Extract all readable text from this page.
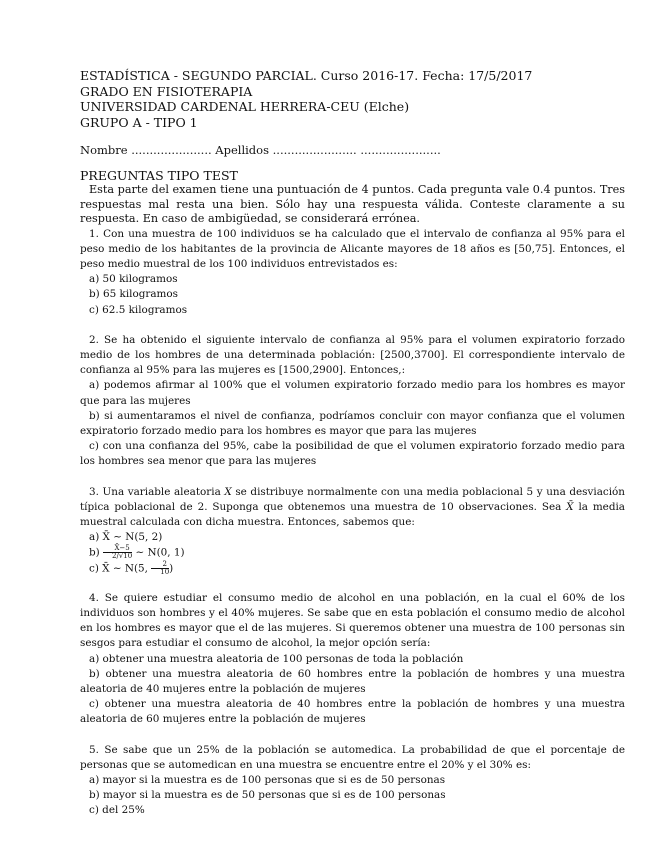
ESTADÍSTICA - SEGUNDO PARCIAL. Curso 2016-17. Fecha: 17/5/2017
GRADO EN FISIOTERAPIA
UNIVERSIDAD CARDENAL HERRERA-CEU (Elche)
GRUPO A - TIPO 1
Nombre ...................... Apellidos ....................... ......................
PREGUNTAS TIPO TEST

Esta parte del examen tiene una puntuación de 4 puntos. Cada pregunta vale 0.4 puntos. Tres respuestas mal resta una bien. Sólo hay una respuesta válida. Conteste claramente a su respuesta. En caso de ambigüedad, se considerará errónea.

1. Con una muestra de 100 individuos se ha calculado que el intervalo de confianza al 95% para el peso medio de los habitantes de la provincia de Alicante mayores de 18 años es [50,75]. Entonces, el peso medio muestral de los 100 individuos entrevistados es:

a) 50 kilogramos

b) 65 kilogramos

c) 62.5 kilogramos

2. Se ha obtenido el siguiente intervalo de confianza al 95% para el volumen expiratorio forzado medio de los hombres de una determinada población: [2500,3700]. El correspondiente intervalo de confianza al 95% para las mujeres es [1500,2900]. Entonces,:

a) podemos afirmar al 100% que el volumen expiratorio forzado medio para los hombres es mayor que para las mujeres

b) si aumentaramos el nivel de confianza, podríamos concluir con mayor confianza que el volumen expiratorio forzado medio para los hombres es mayor que para las mujeres

c) con una confianza del 95%, cabe la posibilidad de que el volumen expiratorio forzado medio para los hombres sea menor que para las mujeres

3. Una variable aleatoria X se distribuye normalmente con una media poblacional 5 y una desviación típica poblacional de 2. Suponga que obtenemos una muestra de 10 observaciones. Sea X̄ la media muestral calculada con dicha muestra. Entonces, sabemos que:

a) X̄ ∼ N(5, 2)

$b) \frac{X̄-5}{2/√10}$ ∼ N(0, 1)

c) X̄ ∼ N(5, $\frac{2}{10}$ )

4. Se quiere estudiar el consumo medio de alcohol en una población, en la cual el 60% de los individuos son hombres y el 40% mujeres. Se sabe que en esta población el consumo medio de alcohol en los hombres es mayor que el de las mujeres. Si queremos obtener una muestra de 100 personas sin sesgos para estudiar el consumo de alcohol, la mejor opción sería:

a) obtener una muestra aleatoria de 100 personas de toda la población

b) obtener una muestra aleatoria de 60 hombres entre la población de hombres y una muestra aleatoria de 40 mujeres entre la población de mujeres

c) obtener una muestra aleatoria de 40 hombres entre la población de hombres y una muestra aleatoria de 60 mujeres entre la población de mujeres

5. Se sabe que un 25% de la población se automedica. La probabilidad de que el porcentaje de personas que se automedican en una muestra se encuentre entre el 20% y el 30% es:

a) mayor si la muestra es de 100 personas que si es de 50 personas

b) mayor si la muestra es de 50 personas que si es de 100 personas

c) del 25%
